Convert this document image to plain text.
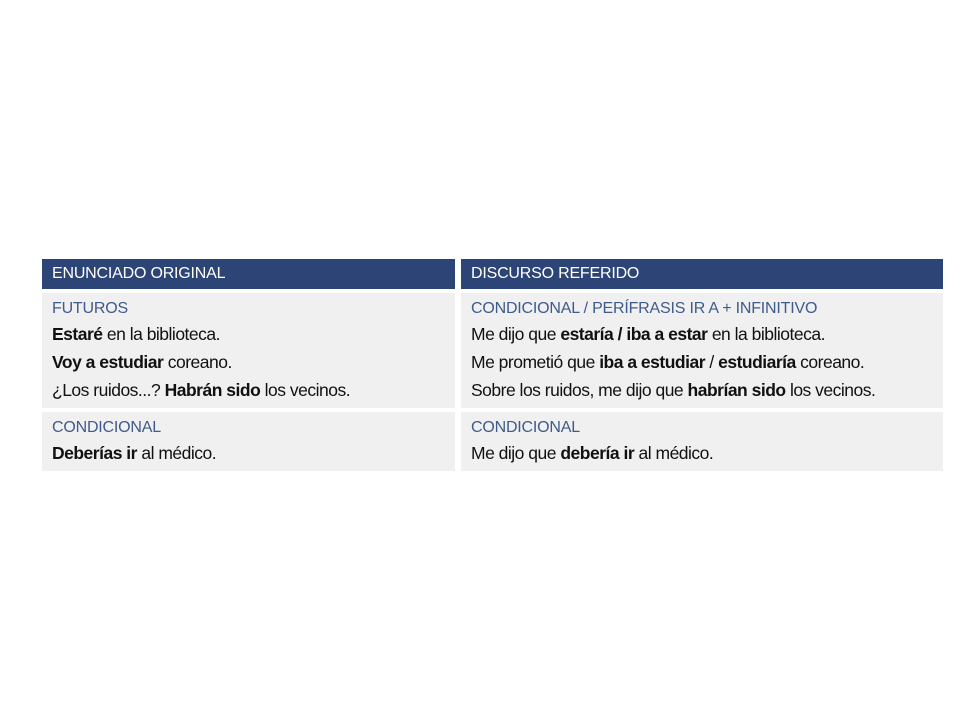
ENUNCIADO ORIGINAL	DISCURSO REFERIDO
FUTUROS
Estaré en la biblioteca.
Voy a estudiar coreano.
¿Los ruidos...? Habrán sido los vecinos.
CONDICIONAL / PERÍFRASIS IR A + INFINITIVO
Me dijo que estaría / iba a estar en la biblioteca.
Me prometió que iba a estudiar / estudiaría coreano.
Sobre los ruidos, me dijo que habrían sido los vecinos.
CONDICIONAL
Deberías ir al médico.
CONDICIONAL
Me dijo que debería ir al médico.
